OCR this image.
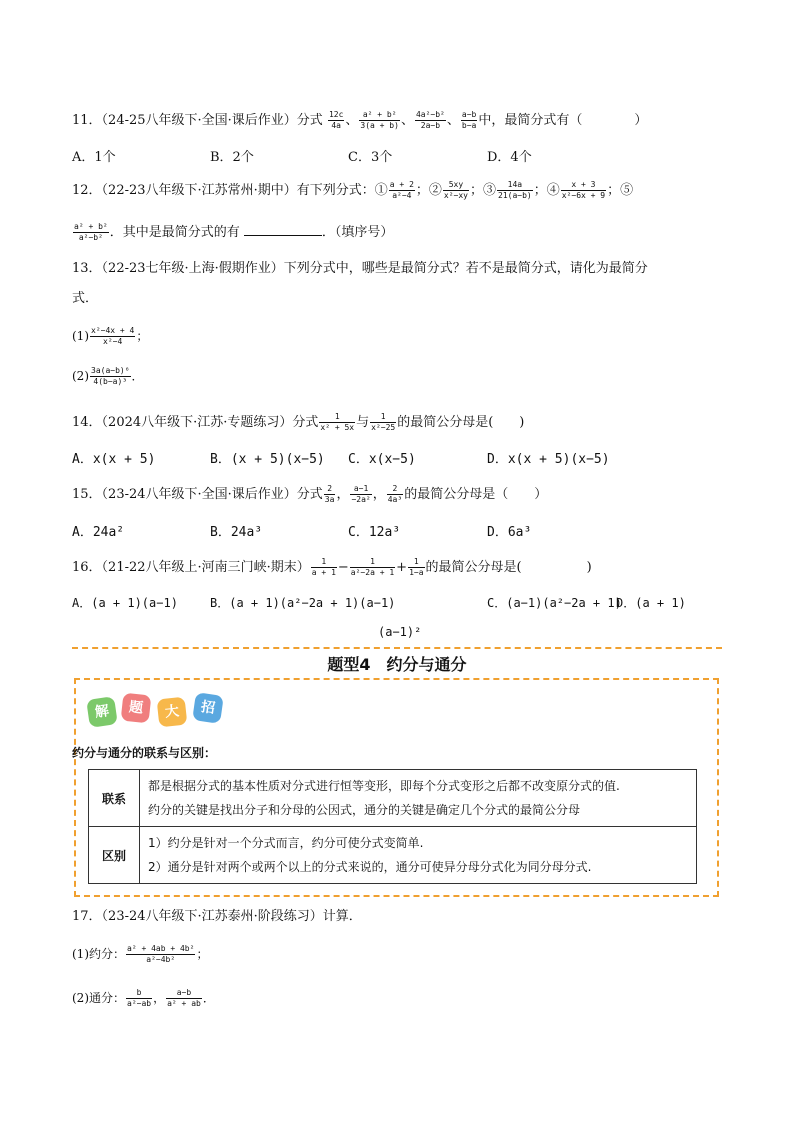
11．（24-25八年级下·全国·课后作业）分式 $\frac{12c}{4a}$ 、 $\frac{\text{a² + b²}}{3(a + b)}$ 、 $\frac{\text{4a²−b²}}{2a-b}$ 、 $\frac{a-b}{b-a}$ 中，最简分式有（　　　　）
A．1个	B．2个	C．3个	D．4个
12．（22-23八年级下·江苏常州·期中）有下列分式：① $\frac{a + 2}{\text{a²−4}}$ ；② $\frac{5xy}{\text{x²−xy}}$ ；③ $\frac{14a}{21(a-b)}$ ；④ $\frac{x + 3}{\text{x²−6x + 9}}$ ；⑤
$\frac{\text{a² + b²}}{\text{a²−b²}}$ ．其中是最简分式的有	．（填序号）
13．（22-23七年级·上海·假期作业）下列分式中，哪些是最简分式？若不是最简分式，请化为最简分
式．
$(1) \frac{\text{x²−4x + 4}}{\text{x²−4}}$ ；
$(2) \frac{\text{3a(a−b)⁶}}{\text{4(b−a)³}}$ ．
14．（2024八年级下·江苏·专题练习）分式 $\frac{1}{\text{x² + 5x}}$ 与 $\frac{1}{\text{x²−25}}$ 的最简公分母是(　　)
A．x(x + 5)	B．(x + 5)(x−5) C．x(x−5)	D．x(x + 5)(x−5)
15．（23-24八年级下·全国·课后作业）分式 $\frac{2}{3a}$ ， $\frac{a-1}{\text{−2a²}}$ ， $\frac{2}{\text{4a³}}$ 的最简公分母是（　　）
A．24a²	B．24a³	C．12a³	D．6a³
16．（21-22八年级上·河南三门峡·期末） $\frac{1}{a + 1} - \frac{1}{\text{a²−2a + 1}} + \frac{1}{1-a}$ 的最简公分母是(　　　　　)
A．(a + 1)(a−1)	B．(a + 1)(a²−2a + 1)(a−1)	C．(a−1)(a²−2a + 1)
D．(a + 1)
(a−1)²
题型4　约分与通分
解	题	大	招
约分与通分的联系与区别：
联系	都是根据分式的基本性质对分式进行恒等变形，即每个分式变形之后都不改变原分式的值.
约分的关键是找出分子和分母的公因式，通分的关键是确定几个分式的最简公分母

区别	1）约分是针对一个分式而言，约分可使分式变简单.
2）通分是针对两个或两个以上的分式来说的，通分可使异分母分式化为同分母分式.
17．（23-24八年级下·江苏泰州·阶段练习）计算．
(1)约分： $\frac{\text{a² + 4ab + 4b²}}{\text{a²−4b²}}$ ；
(2)通分： $\frac{b}{\text{a²−ab}}$ ， $\frac{a-b}{\text{a² + ab}}$ ．
